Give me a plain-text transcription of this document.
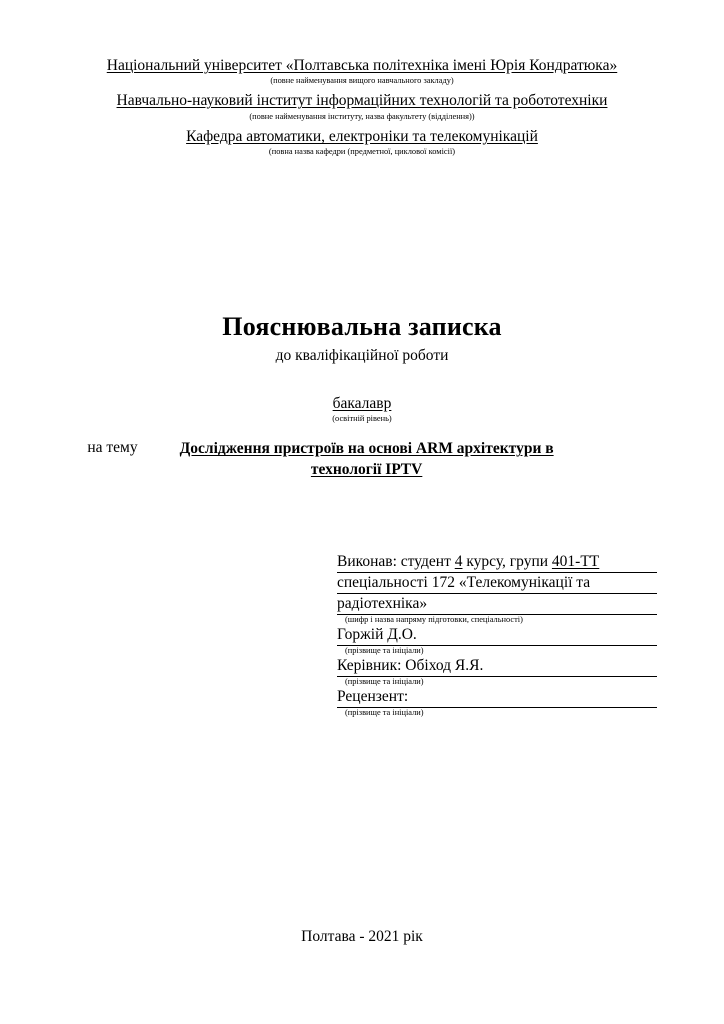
Національний університет «Полтавська політехніка імені Юрія Кондратюка»
(повне найменування вищого навчального закладу)
Навчально-науковий інститут інформаційних технологій та робототехніки
(повне найменування інституту, назва факультету (відділення))
Кафедра автоматики, електроніки та телекомунікацій
(повна назва кафедри (предметної, циклової комісії)
Пояснювальна записка
до кваліфікаційної роботи
бакалавр
(освітній рівень)
на тему	Дослідження пристроїв на основі ARM архітектури в технології IPTV
Виконав: студент 4 курсу, групи 401-ТТ
спеціальності 172 «Телекомунікації та
радіотехніка»
(шифр і назва напряму підготовки, спеціальності)
Горжій Д.О.
(прізвище та ініціали)
Керівник: Обіход Я.Я.
(прізвище та ініціали)
Рецензент:
(прізвище та ініціали)
Полтава - 2021 рік
